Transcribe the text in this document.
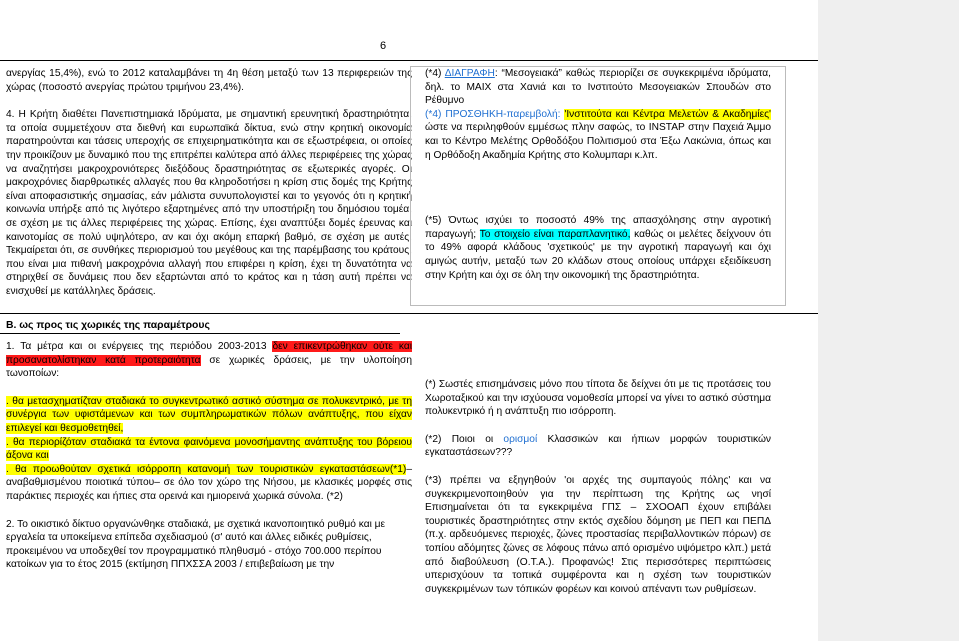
6

ανεργίας 15,4%), ενώ το 2012 καταλαμβάνει τη 4η θέση μεταξύ των 13 περιφερειών της χώρας (ποσοστό ανεργίας πρώτου τριμήνου 23,4%).

4. Η Κρήτη διαθέτει Πανεπιστημιακά Ιδρύματα, με σημαντική ερευνητική δραστηριότητα, τα οποία συμμετέχουν στα διεθνή και ευρωπαϊκά δίκτυα, ενώ στην κρητική οικονομία παρατηρούνται και τάσεις υπεροχής σε επιχειρηματικότητα και σε εξωστρέφεια, οι οποίες την προικίζουν με δυναμικό που της επιτρέπει καλύτερα από άλλες περιφέρειες της χώρας να αναζητήσει μακροχρονιότερες διεξόδους δραστηριότητας σε εξωτερικές αγορές. Οι μακροχρόνιες διαρθρωτικές αλλαγές που θα κληροδοτήσει η κρίση στις δομές της Κρήτης είναι αποφασιστικής σημασίας, εάν μάλιστα συνυπολογιστεί και το γεγονός ότι η κρητική κοινωνία υπήρξε από τις λιγότερο εξαρτημένες από την υποστήριξη του δημόσιου τομέα, σε σχέση με τις άλλες περιφέρειες της χώρας. Επίσης, έχει αναπτύξει δομές έρευνας και καινοτομίας σε πολύ υψηλότερο, αν και όχι ακόμη επαρκή βαθμό, σε σχέση με αυτές. Τεκμαίρεται ότι, σε συνθήκες περιορισμού του μεγέθους και της παρέμβασης του κράτους, που είναι μια πιθανή μακροχρόνια αλλαγή που επιφέρει η κρίση, έχει τη δυνατότητα να στηριχθεί σε δυνάμεις που δεν εξαρτώνται από το κράτος και η τάση αυτή πρέπει να ενισχυθεί με κατάλληλες δράσεις.

(*4) ΔΙΑΓΡΑΦΗ: “Μεσογειακά” καθώς περιορίζει σε συγκεκριμένα ιδρύματα, δηλ. το ΜΑΙΧ στα Χανιά και το Ινστιτούτο Μεσογειακών Σπουδών στο Ρέθυμνο

(*4) ΠΡΟΣΘΗΚΗ-παρεμβολή: 'Ινστιτούτα και Κέντρα Μελετών & Ακαδημίες' ώστε να περιληφθούν εμμέσως πλην σαφώς, το INSTAP στην Παχειά Άμμο και το Κέντρο Μελέτης Ορθοδόξου Πολιτισμού στα Έξω Λακώνια, όπως και η Ορθόδοξη Ακαδημία Κρήτης στο Κολυμπαρι κ.λπ.

(*5) Όντως ισχύει το ποσοστό 49% της απασχόλησης στην αγροτική παραγωγή; Το στοιχείο είναι παραπλανητικό, καθώς οι μελέτες δείχνουν ότι το 49% αφορά κλάδους 'σχετικούς' με την αγροτική παραγωγή και όχι αμιγώς αυτήν, μεταξύ των 20 κλάδων στους οποίους υπάρχει εξειδίκευση στην Κρήτη και όχι σε όλη την οικονομική της δραστηριότητα.

Β. ως προς τις χωρικές της παραμέτρους

1. Τα μέτρα και οι ενέργειες της περιόδου 2003-2013 δεν επικεντρώθηκαν ούτε και προσανατολίστηκαν κατά προτεραιότητα σε χωρικές δράσεις, με την υλοποίηση τωνοποίων:

. θα μετασχηματίζταν σταδιακά το συγκεντρωτικό αστικό σύστημα σε πολυκεντρικό, με τη συνέργια των υφιστάμενων και των συμπληρωματικών πόλων ανάπτυξης, που είχαν επιλεγεί και θεσμοθετηθεί,

. θα περιορίζόταν σταδιακά τα έντονα φαινόμενα μονοσήμαντης ανάπτυξης του βόρειου άξονα και

. θα προωθούταν σχετικά ισόρροπη κατανομή των τουριστικών εγκαταστάσεων(*1)–αναβαθμισμένου ποιοτικά τύπου– σε όλο τον χώρο της Νήσου, με κλασικές μορφές στις παράκτιες περιοχές και ήπιες στα ορεινά και ημιορεινά χωρικά σύνολα. (*2)

2. Το οικιστικό δίκτυο οργανώνθηκε σταδιακά, με σχετικά ικανοποιητικό ρυθμό και με
εργαλεία τα υποκείμενα επίπεδα σχεδιασμού (σ' αυτό και άλλες ειδικές ρυθμίσεις,
προκειμένου να υποδεχθεί τον προγραμματικό πληθυσμό - στόχο 700.000 περίπου
κατοίκων για το έτος 2015 (εκτίμηση ΠΠΧΣΣΑ 2003 / επιβεβαίωση με την

(*) Σωστές επισημάνσεις μόνο που τίποτα δε δείχνει ότι με τις προτάσεις του Χωροταξικού και την ισχύουσα νομοθεσία μπορεί να γίνει το αστικό σύστημα πολυκεντρικό ή η ανάπτυξη πιο ισόρροπη.

(*2) Ποιοι οι ορισμοί Κλασσικών και ήπιων μορφών τουριστικών εγκαταστάσεων???

(*3) πρέπει να εξηγηθούν 'οι αρχές της συμπαγούς πόλης' και να συγκεκριμενοποιηθούν για την περίπτωση της Κρήτης ως νησί Επισημαίνεται ότι τα εγκεκριμένα ΓΠΣ – ΣΧΟΟΑΠ έχουν επιβάλει τουριστικές δραστηριότητες στην εκτός σχεδίου δόμηση με ΠΕΠ και ΠΕΠΔ (π.χ. αρδευόμενες περιοχές, ζώνες προστασίας περιβαλλοντικών πόρων) σε τοπίου αδόμητες ζώνες σε λόφους πάνω από ορισμένο υψόμετρο κλπ.) μετά από διαβούλευση (Ο.Τ.Α.). Προφανώς! Στις περισσότερες περιπτώσεις υπερισχύουν τα τοπικά συμφέροντα και η σχέση των τουριστικών συγκεκριμένων των τόπικών φορέων και κοινού απέναντι των ρυθμίσεων.
